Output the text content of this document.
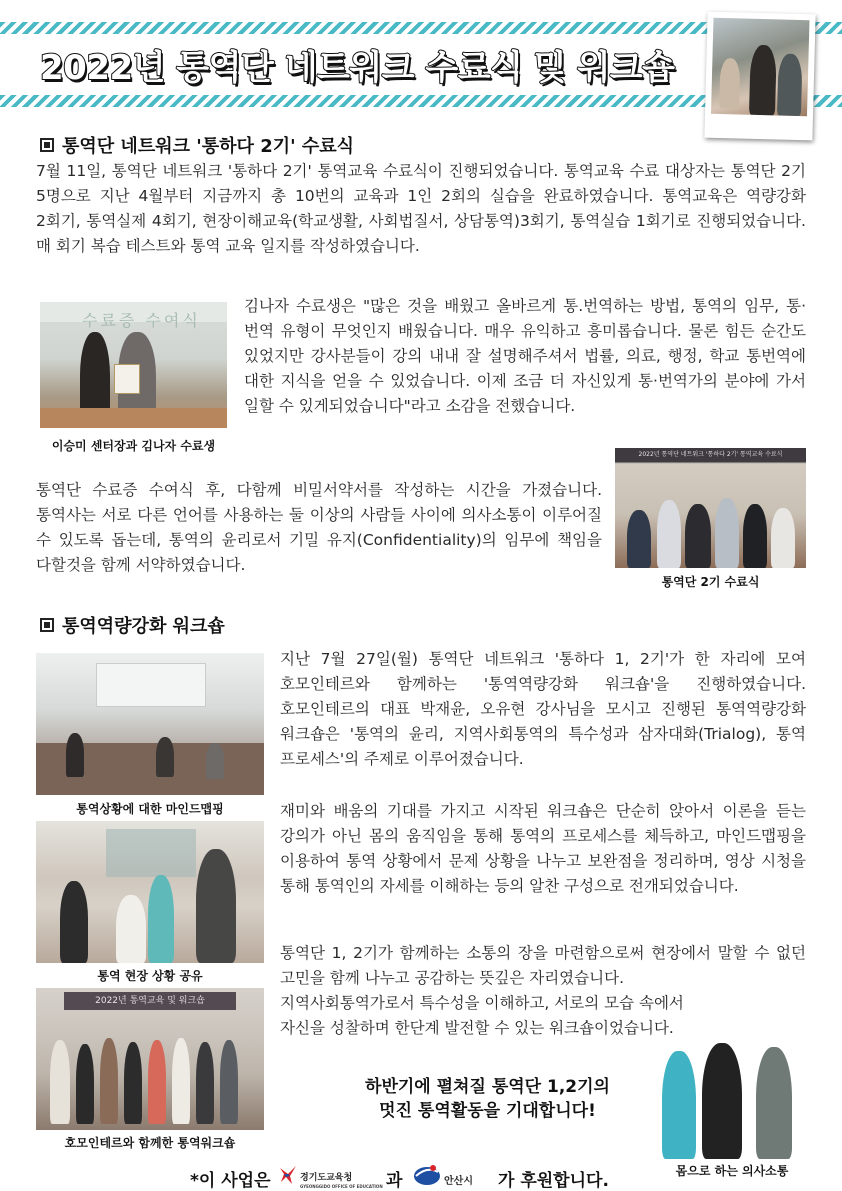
2022년 통역단 네트워크 수료식 및 워크숍
통역단 네트워크 '통하다 2기' 수료식
7월 11일, 통역단 네트워크 '통하다 2기' 통역교육 수료식이 진행되었습니다. 통역교육 수료 대상자는 통역단 2기 5명으로 지난 4월부터 지금까지 총 10번의 교육과 1인 2회의 실습을 완료하였습니다. 통역교육은 역량강화 2회기, 통역실제 4회기, 현장이해교육(학교생활, 사회법질서, 상담통역)3회기, 통역실습 1회기로 진행되었습니다. 매 회기 복습 테스트와 통역 교육 일지를 작성하였습니다.
수료증 수여식
이승미 센터장과 김나자 수료생
김나자 수료생은 "많은 것을 배웠고 올바르게 통.번역하는 방법, 통역의 임무, 통·번역 유형이 무엇인지 배웠습니다. 매우 유익하고 흥미롭습니다. 물론 힘든 순간도 있었지만 강사분들이 강의 내내 잘 설명해주셔서 법률, 의료, 행정, 학교 통번역에 대한 지식을 얻을 수 있었습니다. 이제 조금 더 자신있게 통·번역가의 분야에 가서 일할 수 있게되었습니다"라고 소감을 전했습니다.
2022년 통역단 네트워크 '통하다 2기' 통역교육 수료식
통역단 2기 수료식
통역단 수료증 수여식 후, 다함께 비밀서약서를 작성하는 시간을 가졌습니다. 통역사는 서로 다른 언어를 사용하는 둘 이상의 사람들 사이에 의사소통이 이루어질 수 있도록 돕는데, 통역의 윤리로서 기밀 유지(Confidentiality)의 임무에 책임을 다할것을 함께 서약하였습니다.
통역역량강화 워크숍
통역상황에 대한 마인드맵핑
통역 현장 상황 공유
2022년 통역교육 및 워크숍
호모인테르와 함께한 통역워크숍
지난 7월 27일(월) 통역단 네트워크 '통하다 1, 2기'가 한 자리에 모여 호모인테르와 함께하는 '통역역량강화 워크숍'을 진행하였습니다. 호모인테르의 대표 박재윤, 오유현 강사님을 모시고 진행된 통역역량강화 워크숍은 '통역의 윤리, 지역사회통역의 특수성과 삼자대화(Trialog), 통역 프로세스'의 주제로 이루어졌습니다.
재미와 배움의 기대를 가지고 시작된 워크숍은 단순히 앉아서 이론을 듣는 강의가 아닌 몸의 움직임을 통해 통역의 프로세스를 체득하고, 마인드맵핑을 이용하여 통역 상황에서 문제 상황을 나누고 보완점을 정리하며, 영상 시청을 통해 통역인의 자세를 이해하는 등의 알찬 구성으로 전개되었습니다.
통역단 1, 2기가 함께하는 소통의 장을 마련함으로써 현장에서 말할 수 없던 고민을 함께 나누고 공감하는 뜻깊은 자리였습니다.
지역사회통역가로서 특수성을 이해하고, 서로의 모습 속에서
자신을 성찰하며 한단계 발전할 수 있는 워크숍이었습니다.
하반기에 펼쳐질 통역단 1,2기의
멋진 통역활동을 기대합니다!
몸으로 하는 의사소통
*이 사업은	경기도교육청
GYEONGGIDO OFFICE OF EDUCATION 과	안산시 가 후원합니다.
